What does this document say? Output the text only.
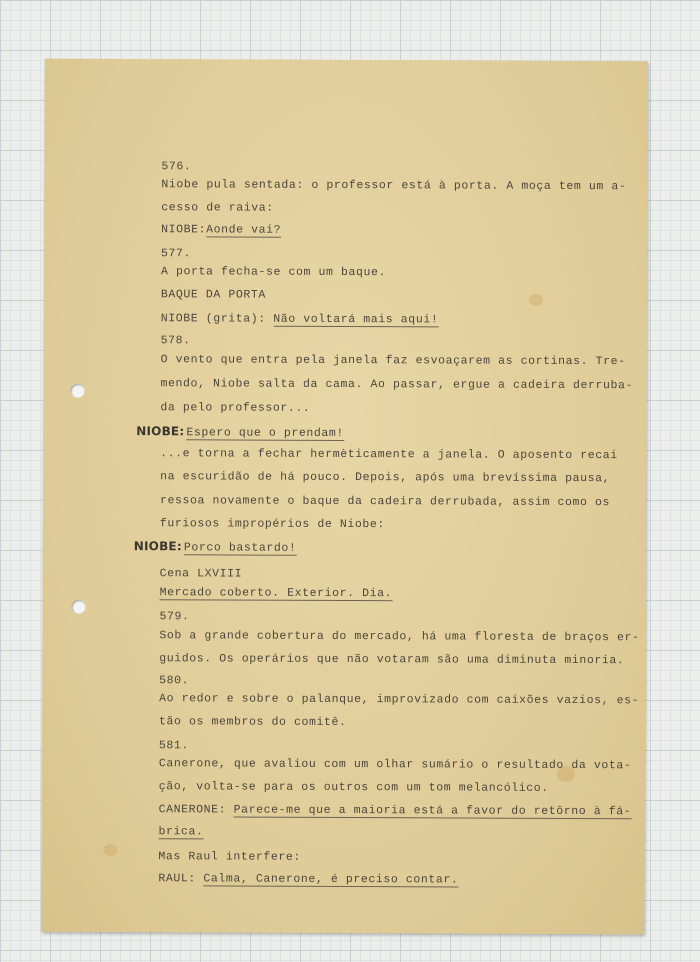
576.
Niobe pula sentada: o professor está à porta. A moça tem um a-
cesso de raiva:
NIOBE:Aonde vai?
577.
A porta fecha-se com um baque.
BAQUE DA PORTA
NIOBE (grita): Não voltará mais aqui!
578.
O vento que entra pela janela faz esvoaçarem as cortinas. Tre-
mendo, Niobe salta da cama. Ao passar, ergue a cadeira derruba-
da pelo professor...
NIOBE: Espero que o prendam!
...e torna a fechar hermèticamente a janela. O aposento recai
na escuridão de há pouco. Depois, após uma brevíssima pausa,
ressoa novamente o baque da cadeira derrubada, assim como os
furiosos impropérios de Niobe:
NIOBE: Porco bastardo!
Cena LXVIII
Mercado coberto. Exterior. Dia.
579.
Sob a grande cobertura do mercado, há uma floresta de braços er-
guidos. Os operários que não votaram são uma diminuta minoria.
580.
Ao redor e sobre o palanque, improvizado com caixões vazios, es-
tão os membros do comitê.
581.
Canerone, que avaliou com um olhar sumário o resultado da vota-
ção, volta-se para os outros com um tom melancólico.
CANERONE: Parece-me que a maioria está a favor do retôrno à fá-
brica.
Mas Raul interfere:
RAUL: Calma, Canerone, é preciso contar.
